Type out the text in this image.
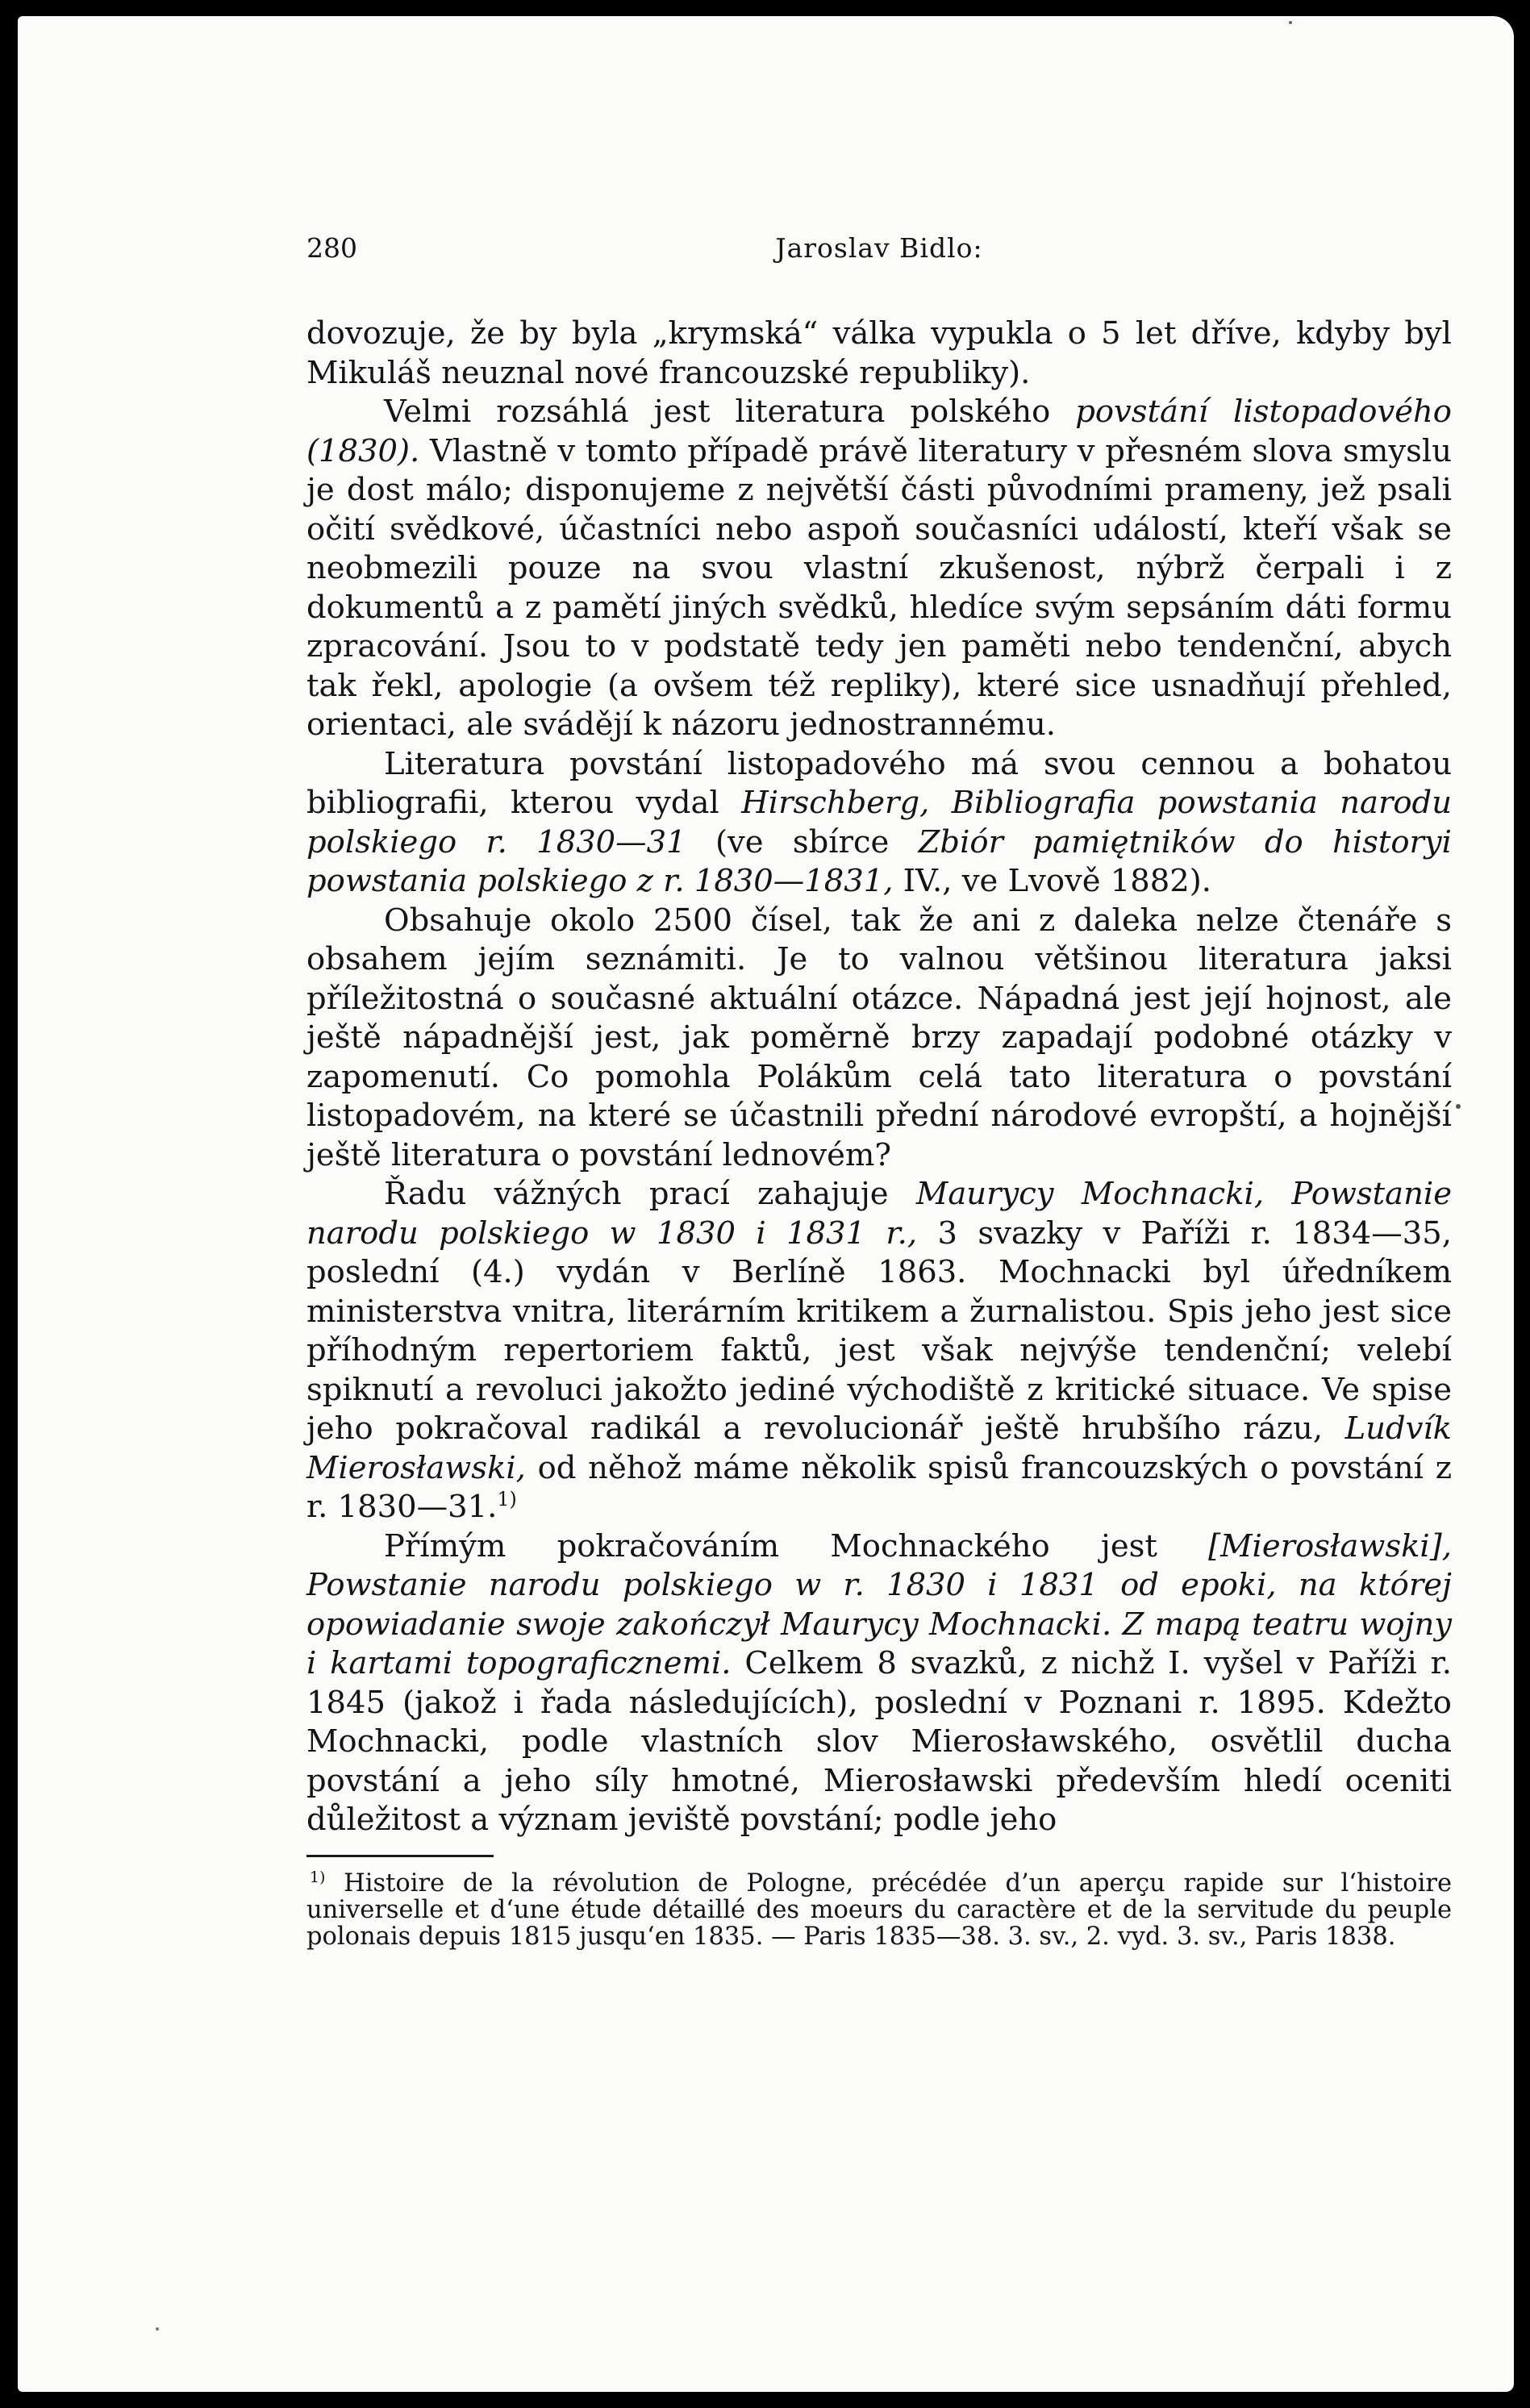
280	Jaroslav Bidlo:

dovozuje, že by byla „krymská“ válka vypukla o 5 let dříve, kdyby byl Mikuláš neuznal nové francouzské republiky).

Velmi rozsáhlá jest literatura polského povstání listopadového (1830). Vlastně v tomto případě právě literatury v přesném slova smyslu je dost málo; disponujeme z největší části původními prameny, jež psali očití svědkové, účastníci nebo aspoň současníci událostí, kteří však se neobmezili pouze na svou vlastní zkušenost, nýbrž čerpali i z dokumentů a z pamětí jiných svědků, hledíce svým sepsáním dáti formu zpracování. Jsou to v podstatě tedy jen paměti nebo tendenční, abych tak řekl, apologie (a ovšem též repliky), které sice usnadňují přehled, orientaci, ale svádějí k názoru jednostrannému.

Literatura povstání listopadového má svou cennou a bohatou bibliografii, kterou vydal Hirschberg, Bibliografia powstania narodu polskiego r. 1830—31 (ve sbírce Zbiór pamiętników do historyi powstania polskiego z r. 1830—1831, IV., ve Lvově 1882).

Obsahuje okolo 2500 čísel, tak že ani z daleka nelze čtenáře s obsahem jejím seznámiti. Je to valnou většinou literatura jaksi příležitostná o současné aktuální otázce. Nápadná jest její hojnost, ale ještě nápadnější jest, jak poměrně brzy zapadají podobné otázky v zapomenutí. Co pomohla Polákům celá tato literatura o povstání listopadovém, na které se účastnili přední národové evropští, a hojnější ještě literatura o povstání lednovém?

Řadu vážných prací zahajuje Maurycy Mochnacki, Powstanie narodu polskiego w 1830 i 1831 r., 3 svazky v Paříži r. 1834—35, poslední (4.) vydán v Berlíně 1863. Mochnacki byl úředníkem ministerstva vnitra, literárním kritikem a žurnalistou. Spis jeho jest sice příhodným repertoriem faktů, jest však nejvýše tendenční; velebí spiknutí a revoluci jakožto jediné východiště z kritické situace. Ve spise jeho pokračoval radikál a revolucionář ještě hrubšího rázu, Ludvík Mierosławski, od něhož máme několik spisů francouzských o povstání z r. 1830—31.$^{1)}$

Přímým pokračováním Mochnackého jest [Mierosławski], Powstanie narodu polskiego w r. 1830 i 1831 od epoki, na której opowiadanie swoje zakończył Maurycy Mochnacki. Z mapą teatru wojny i kartami topograficznemi. Celkem 8 svazků, z nichž I. vyšel v Paříži r. 1845 (jakož i řada následujících), poslední v Poznani r. 1895. Kdežto Mochnacki, podle vlastních slov Mierosławského, osvětlil ducha povstání a jeho síly hmotné, Mierosławski především hledí oceniti důležitost a význam jeviště povstání; podle jeho

$^{1)}$ Histoire de la révolution de Pologne, précédée d’un aperçu rapide sur l‘histoire universelle et d‘une étude détaillé des moeurs du caractère et de la servitude du peuple polonais depuis 1815 jusqu‘en 1835. — Paris 1835—38. 3. sv., 2. vyd. 3. sv., Paris 1838.
